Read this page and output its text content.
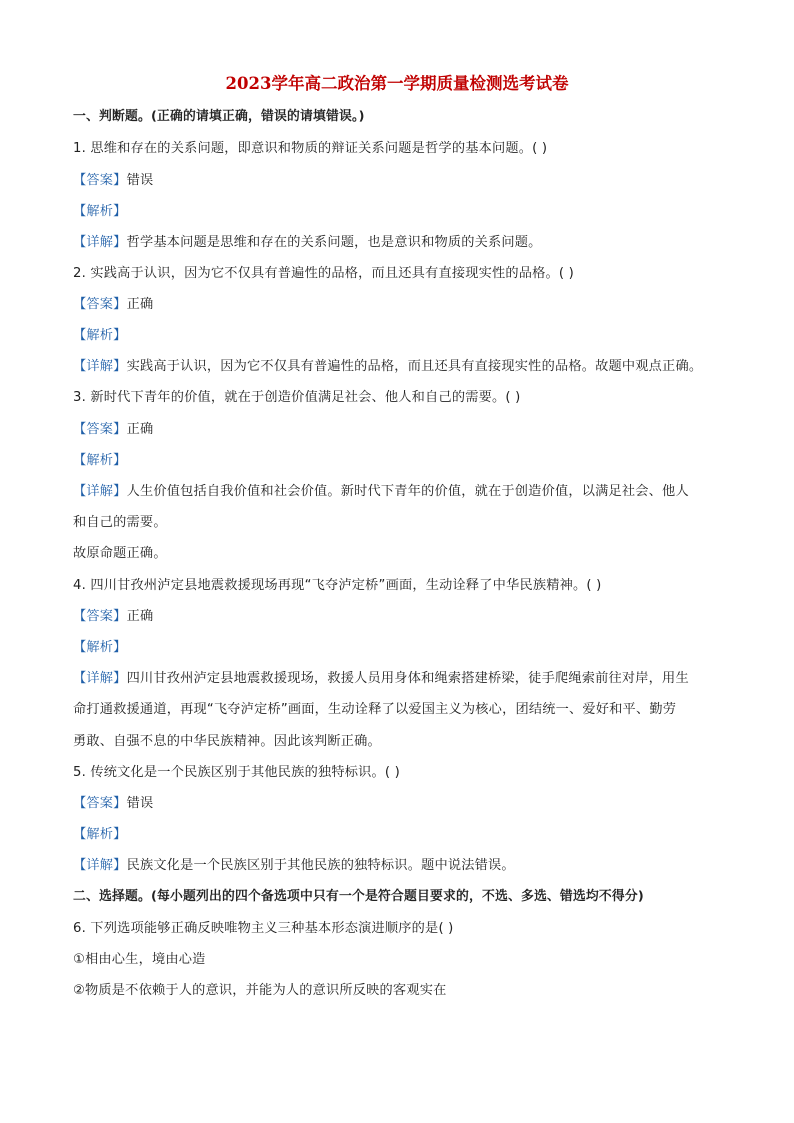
2023学年高二政治第一学期质量检测选考试卷
一、判断题。(正确的请填正确，错误的请填错误。)
1. 思维和存在的关系问题，即意识和物质的辩证关系问题是哲学的基本问题。( )
【答案】错误
【解析】
【详解】哲学基本问题是思维和存在的关系问题，也是意识和物质的关系问题。
2. 实践高于认识，因为它不仅具有普遍性的品格，而且还具有直接现实性的品格。( )
【答案】正确
【解析】
【详解】实践高于认识，因为它不仅具有普遍性的品格，而且还具有直接现实性的品格。故题中观点正确。
3. 新时代下青年的价值，就在于创造价值满足社会、他人和自己的需要。( )
【答案】正确
【解析】
【详解】人生价值包括自我价值和社会价值。新时代下青年的价值，就在于创造价值，以满足社会、他人
和自己的需要。
故原命题正确。
4. 四川甘孜州泸定县地震救援现场再现“飞夺泸定桥”画面，生动诠释了中华民族精神。( )
【答案】正确
【解析】
【详解】四川甘孜州泸定县地震救援现场，救援人员用身体和绳索搭建桥梁，徒手爬绳索前往对岸，用生
命打通救援通道，再现“飞夺泸定桥”画面，生动诠释了以爱国主义为核心，团结统一、爱好和平、勤劳
勇敢、自强不息的中华民族精神。因此该判断正确。
5. 传统文化是一个民族区别于其他民族的独特标识。( )
【答案】错误
【解析】
【详解】民族文化是一个民族区别于其他民族的独特标识。题中说法错误。
二、选择题。(每小题列出的四个备选项中只有一个是符合题目要求的，不选、多选、错选均不得分)
6. 下列选项能够正确反映唯物主义三种基本形态演进顺序的是( )
①相由心生，境由心造
②物质是不依赖于人的意识，并能为人的意识所反映的客观实在
